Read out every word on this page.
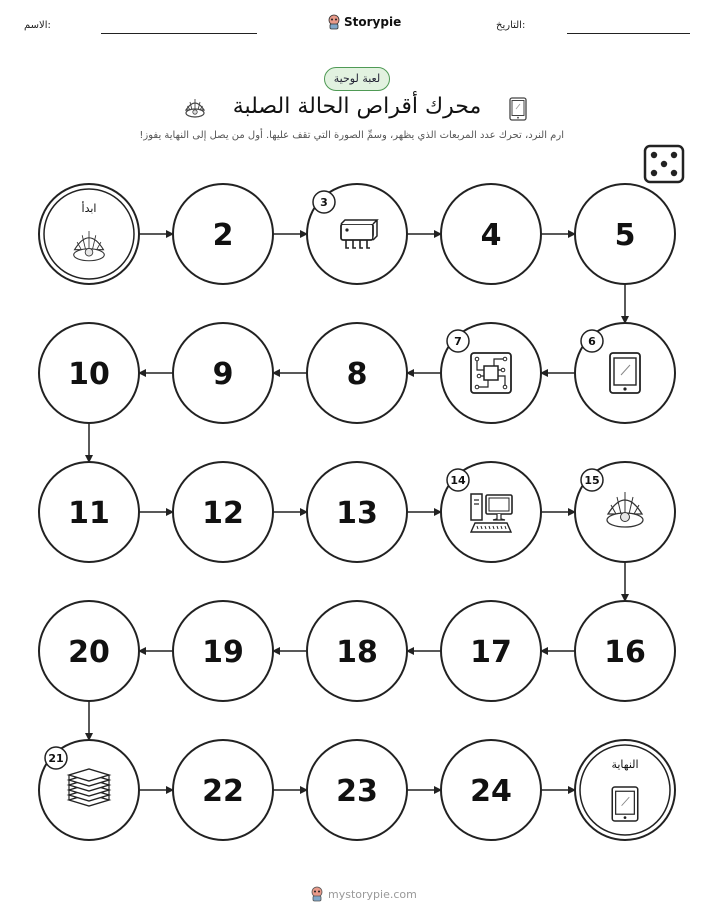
الاسم:	Storypie	التاريخ:
لعبة لوحية
محرك أقراص الحالة الصلبة
ارم النرد، تحرك عدد المربعات الذي يظهر، وسمِّ الصورة التي تقف عليها. أول من يصل إلى النهاية يفوز!
ابدأ
2
3
4	5
6
7
8
9
10
11	12	13
14	15
16
17
18
19
20
21
22	23	24
النهاية
mystorypie.com
